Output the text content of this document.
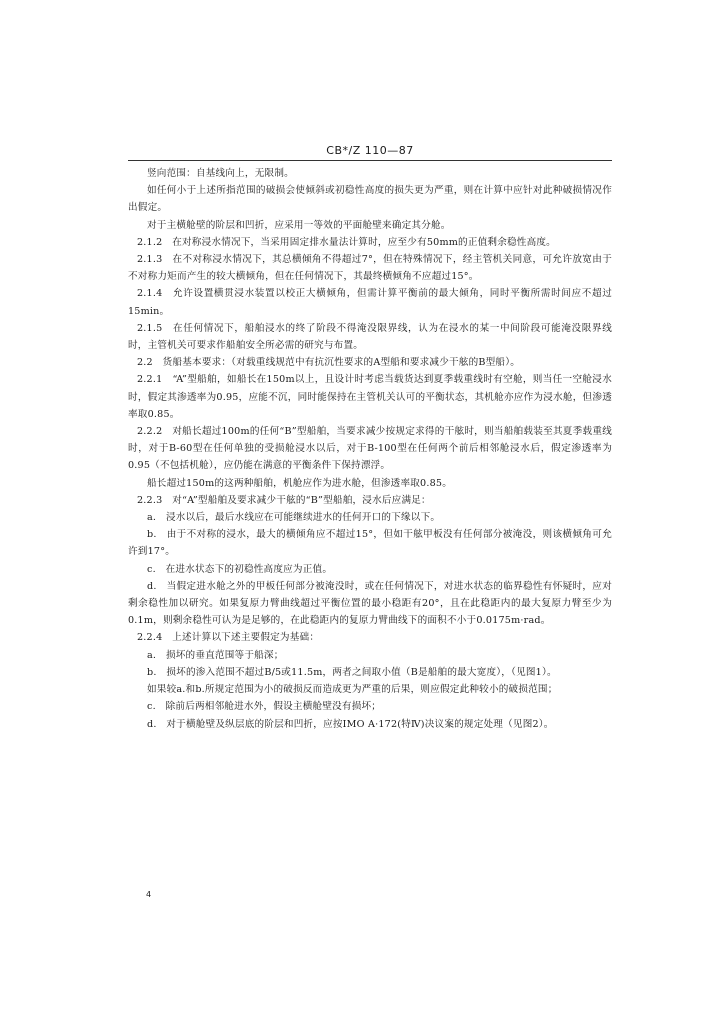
CB*/Z 110—87

竖向范围：自基线向上，无限制。

如任何小于上述所指范围的破损会使倾斜或初稳性高度的损失更为严重，则在计算中应针对此种破损情况作出假定。

对于主横舱壁的阶层和凹折，应采用一等效的平面舱壁来确定其分舱。

2.1.2　在对称浸水情况下，当采用固定排水量法计算时，应至少有50mm的正值剩余稳性高度。

2.1.3　在不对称浸水情况下，其总横倾角不得超过7°，但在特殊情况下，经主管机关同意，可允许放宽由于不对称力矩而产生的较大横倾角，但在任何情况下，其最终横倾角不应超过15°。

2.1.4　允许设置横贯浸水装置以校正大横倾角，但需计算平衡前的最大倾角，同时平衡所需时间应不超过15min。

2.1.5　在任何情况下，船舶浸水的终了阶段不得淹没限界线，认为在浸水的某一中间阶段可能淹没限界线时，主管机关可要求作船舶安全所必需的研究与布置。

2.2　货船基本要求：（对载重线规范中有抗沉性要求的A型船和要求减少干舷的B型船）。

2.2.1　“A”型船舶，如船长在150m以上，且设计时考虑当载货达到夏季载重线时有空舱，则当任一空舱浸水时，假定其渗透率为0.95，应能不沉，同时能保持在主管机关认可的平衡状态，其机舱亦应作为浸水舱，但渗透率取0.85。

2.2.2　对船长超过100m的任何“B”型船舶，当要求减少按规定求得的干舷时，则当船舶载装至其夏季载重线时，对于B-60型在任何单独的受损舱浸水以后，对于B-100型在任何两个前后相邻舱浸水后，假定渗透率为0.95（不包括机舱），应仍能在满意的平衡条件下保持漂浮。

船长超过150m的这两种船舶，机舱应作为进水舱，但渗透率取0.85。

2.2.3　对“A”型船舶及要求减少干舷的“B”型船舶，浸水后应满足：

a.　浸水以后，最后水线应在可能继续进水的任何开口的下缘以下。

b.　由于不对称的浸水，最大的横倾角应不超过15°，但如干舷甲板没有任何部分被淹没，则该横倾角可允许到17°。

c.　在进水状态下的初稳性高度应为正值。

d.　当假定进水舱之外的甲板任何部分被淹没时，或在任何情况下，对进水状态的临界稳性有怀疑时，应对剩余稳性加以研究。如果复原力臂曲线超过平衡位置的最小稳距有20°，且在此稳距内的最大复原力臂至少为0.1m，则剩余稳性可认为是足够的，在此稳距内的复原力臂曲线下的面积不小于0.0175m·rad。

2.2.4　上述计算以下述主要假定为基础：

a.　损坏的垂直范围等于船深；

b.　损坏的渗入范围不超过B/5或11.5m，两者之间取小值（B是船舶的最大宽度），（见图1）。

如果较a.和b.所规定范围为小的破损反而造成更为严重的后果，则应假定此种较小的破损范围；

c.　除前后两相邻舱进水外，假设主横舱壁没有损坏；

d.　对于横舱壁及纵层底的阶层和凹折，应按IMO A·172(特Ⅳ)决议案的规定处理（见图2）。

4
